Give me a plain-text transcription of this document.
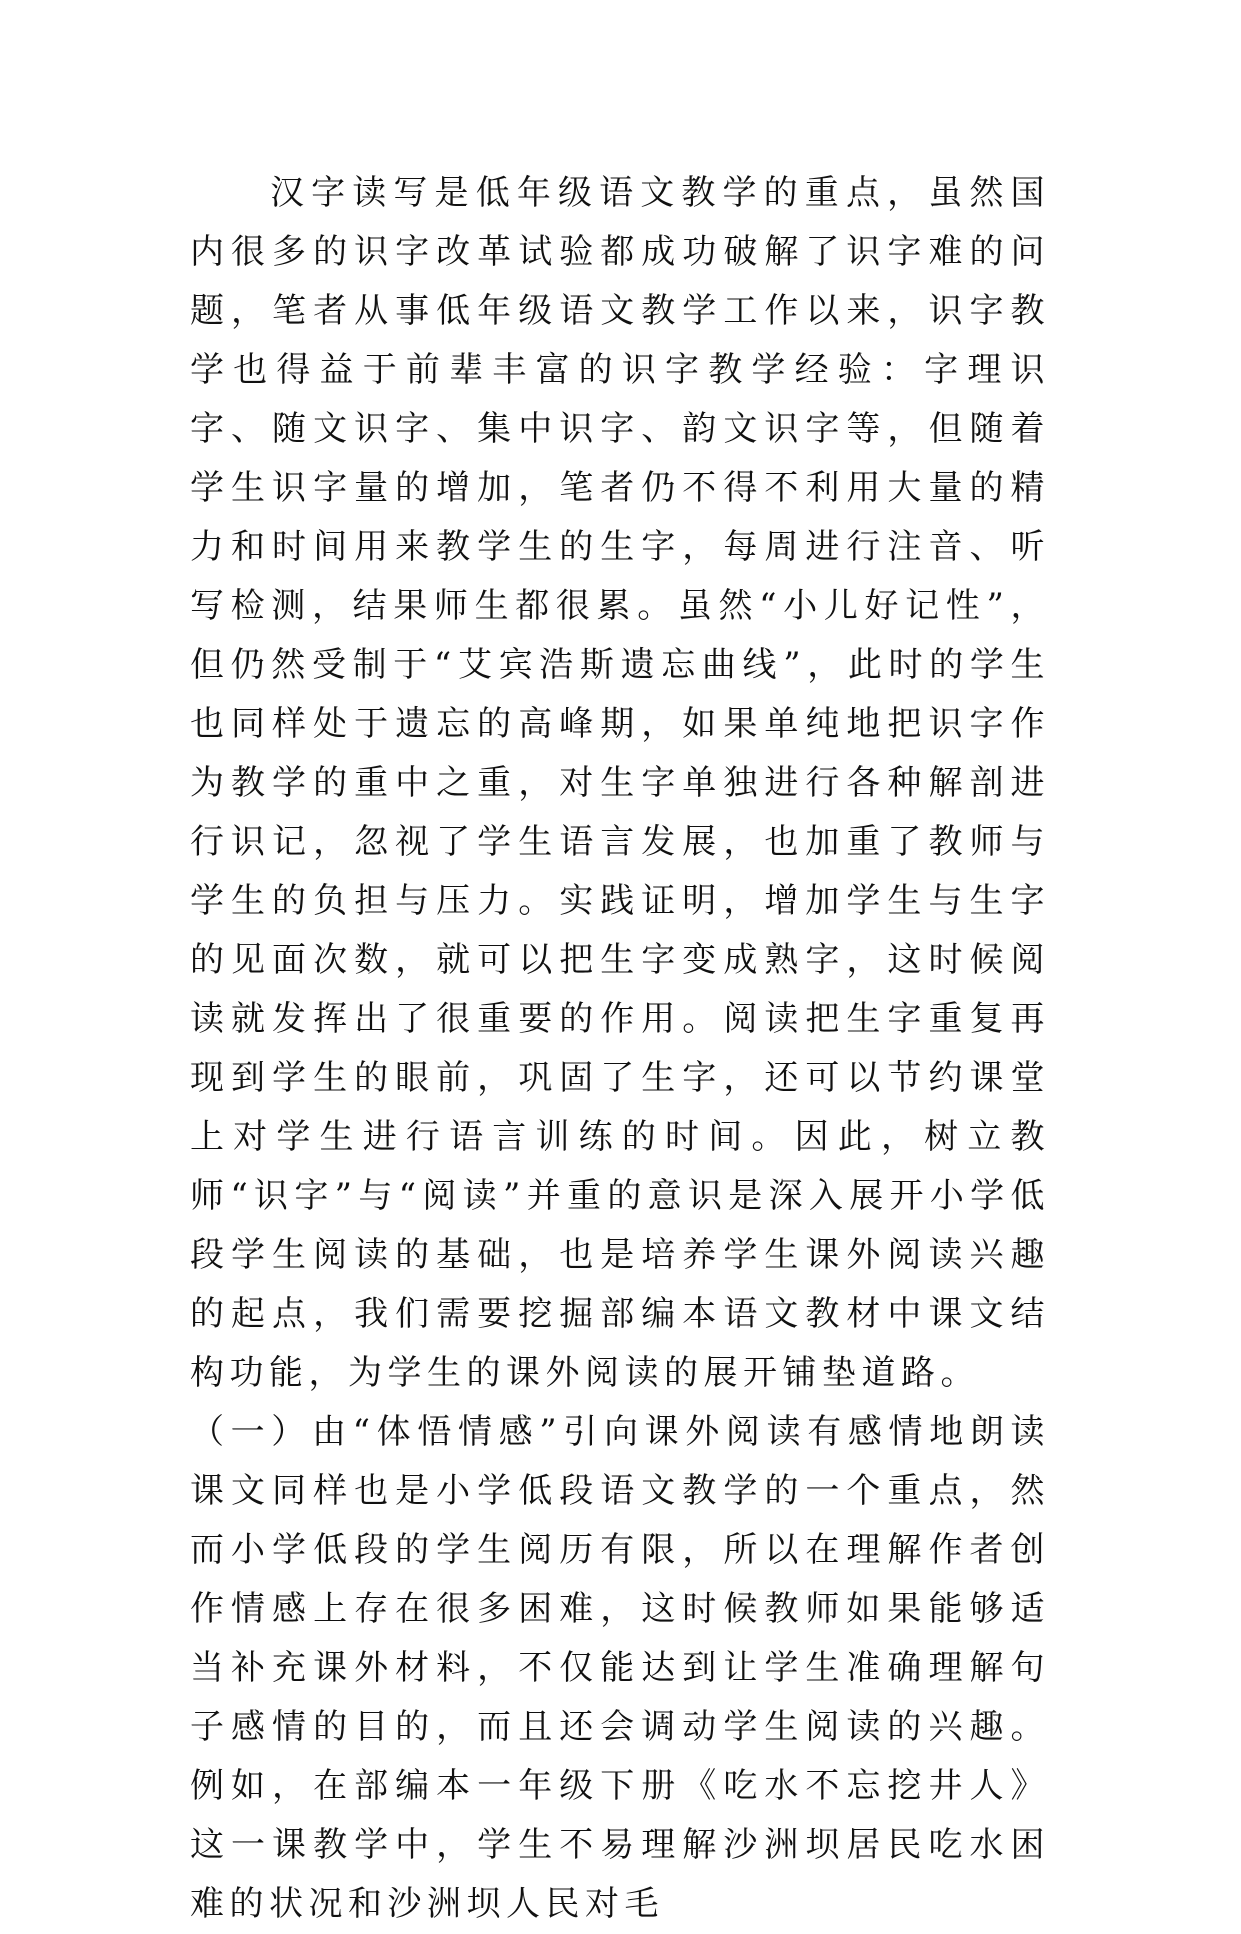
汉字读写是低年级语文教学的重点，虽然国内很多的识字改革试验都成功破解了识字难的问题，笔者从事低年级语文教学工作以来，识字教学也得益于前辈丰富的识字教学经验：字理识字、随文识字、集中识字、韵文识字等，但随着学生识字量的增加，笔者仍不得不利用大量的精力和时间用来教学生的生字，每周进行注音、听写检测，结果师生都很累。虽然“小儿好记性”，但仍然受制于“艾宾浩斯遗忘曲线”，此时的学生也同样处于遗忘的高峰期，如果单纯地把识字作为教学的重中之重，对生字单独进行各种解剖进行识记，忽视了学生语言发展，也加重了教师与学生的负担与压力。实践证明，增加学生与生字的见面次数，就可以把生字变成熟字，这时候阅读就发挥出了很重要的作用。阅读把生字重复再现到学生的眼前，巩固了生字，还可以节约课堂上对学生进行语言训练的时间。因此，树立教师“识字”与“阅读”并重的意识是深入展开小学低段学生阅读的基础，也是培养学生课外阅读兴趣的起点，我们需要挖掘部编本语文教材中课文结构功能，为学生的课外阅读的展开铺垫道路。

（一）由“体悟情感”引向课外阅读有感情地朗读课文同样也是小学低段语文教学的一个重点，然而小学低段的学生阅历有限，所以在理解作者创作情感上存在很多困难，这时候教师如果能够适当补充课外材料，不仅能达到让学生准确理解句子感情的目的，而且还会调动学生阅读的兴趣。例如，在部编本一年级下册《吃水不忘挖井人》这一课教学中，学生不易理解沙洲坝居民吃水困难的状况和沙洲坝人民对毛
